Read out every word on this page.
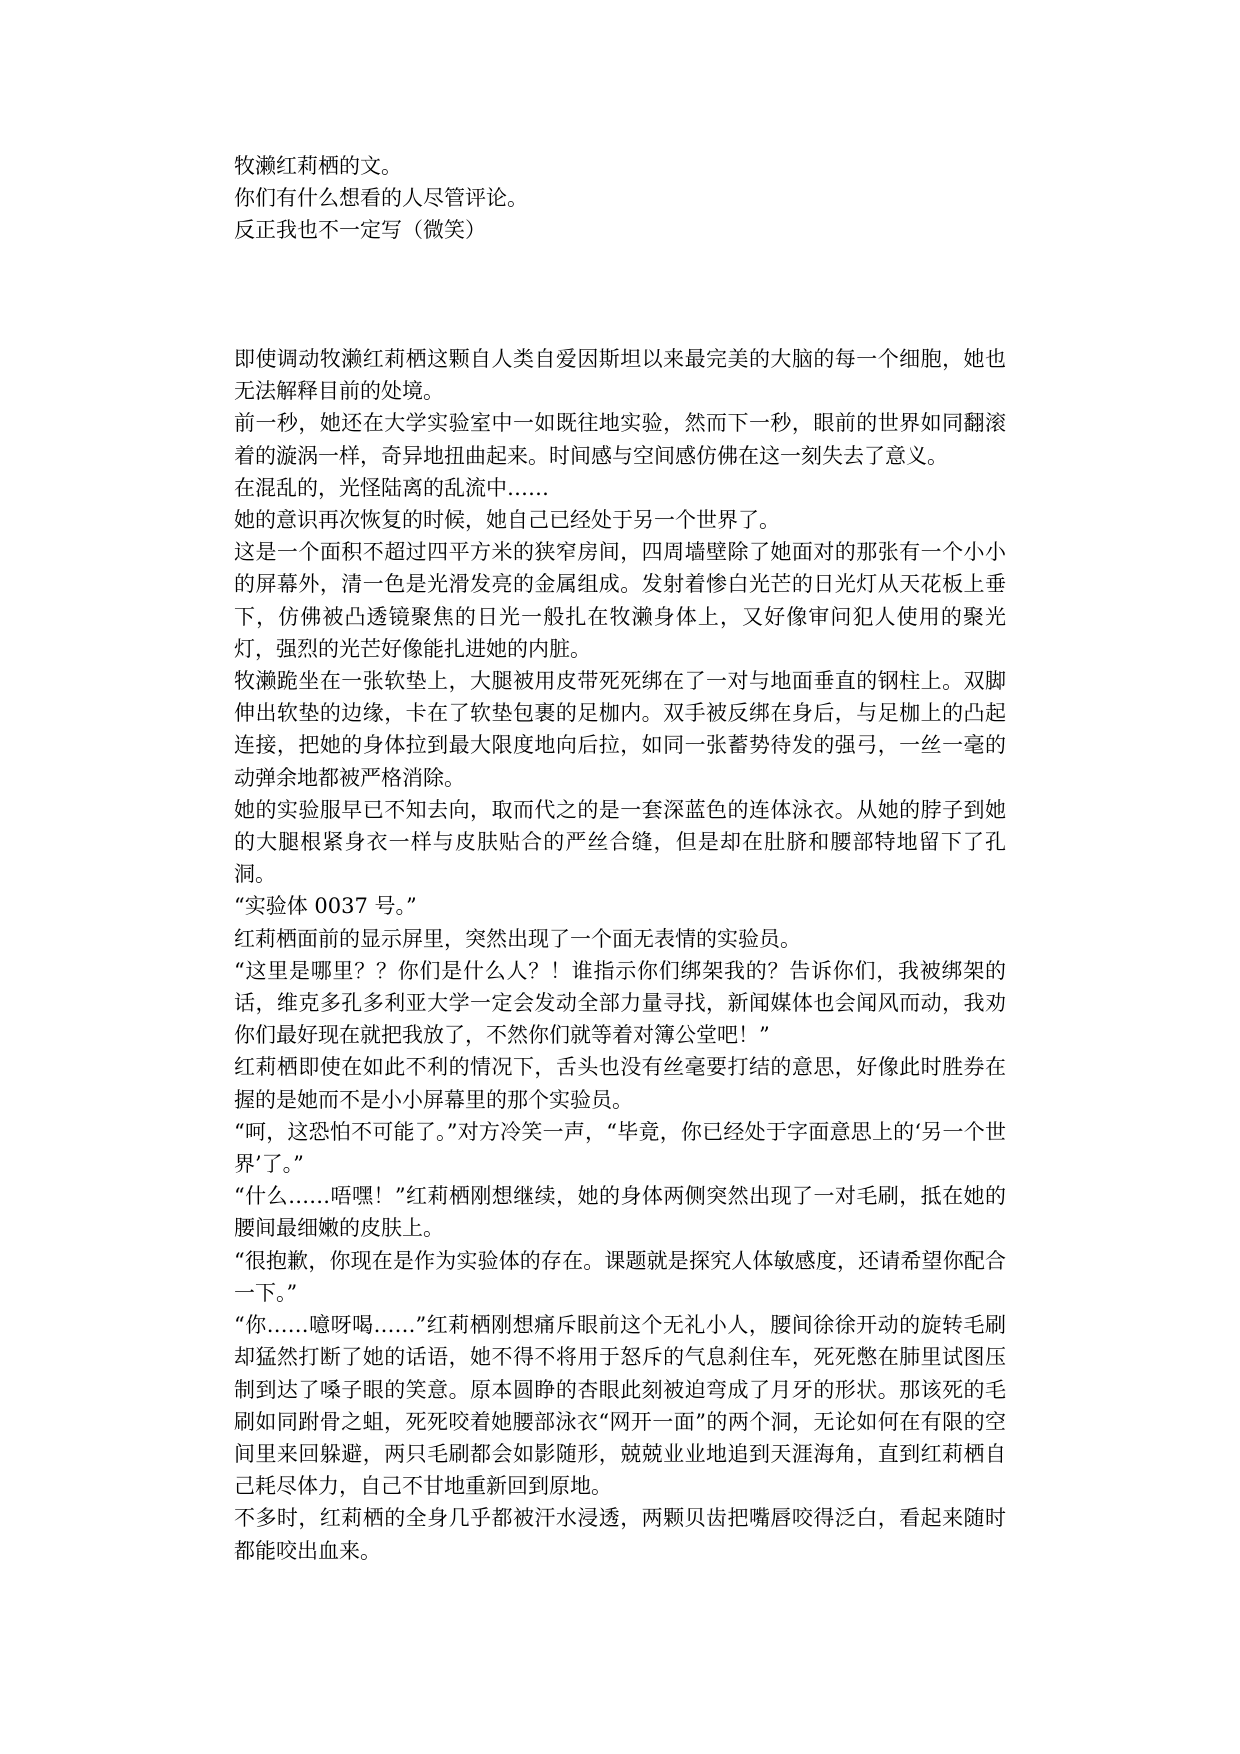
牧濑红莉栖的文。

你们有什么想看的人尽管评论。

反正我也不一定写（微笑）

即使调动牧濑红莉栖这颗自人类自爱因斯坦以来最完美的大脑的每一个细胞，她也无法解释目前的处境。

前一秒，她还在大学实验室中一如既往地实验，然而下一秒，眼前的世界如同翻滚着的漩涡一样，奇异地扭曲起来。时间感与空间感仿佛在这一刻失去了意义。

在混乱的，光怪陆离的乱流中……

她的意识再次恢复的时候，她自己已经处于另一个世界了。

这是一个面积不超过四平方米的狭窄房间，四周墙壁除了她面对的那张有一个小小的屏幕外，清一色是光滑发亮的金属组成。发射着惨白光芒的日光灯从天花板上垂下，仿佛被凸透镜聚焦的日光一般扎在牧濑身体上，又好像审问犯人使用的聚光灯，强烈的光芒好像能扎进她的内脏。

牧濑跪坐在一张软垫上，大腿被用皮带死死绑在了一对与地面垂直的钢柱上。双脚伸出软垫的边缘，卡在了软垫包裹的足枷内。双手被反绑在身后，与足枷上的凸起连接，把她的身体拉到最大限度地向后拉，如同一张蓄势待发的强弓，一丝一毫的动弹余地都被严格消除。

她的实验服早已不知去向，取而代之的是一套深蓝色的连体泳衣。从她的脖子到她的大腿根紧身衣一样与皮肤贴合的严丝合缝，但是却在肚脐和腰部特地留下了孔洞。

“实验体 0037 号。”

红莉栖面前的显示屏里，突然出现了一个面无表情的实验员。

“这里是哪里？？你们是什么人？！谁指示你们绑架我的？告诉你们，我被绑架的话，维克多孔多利亚大学一定会发动全部力量寻找，新闻媒体也会闻风而动，我劝你们最好现在就把我放了，不然你们就等着对簿公堂吧！”

红莉栖即使在如此不利的情况下，舌头也没有丝毫要打结的意思，好像此时胜券在握的是她而不是小小屏幕里的那个实验员。

“呵，这恐怕不可能了。”对方冷笑一声，“毕竟，你已经处于字面意思上的‘另一个世界’了。”

“什么……唔嘿！”红莉栖刚想继续，她的身体两侧突然出现了一对毛刷，抵在她的腰间最细嫩的皮肤上。

“很抱歉，你现在是作为实验体的存在。课题就是探究人体敏感度，还请希望你配合一下。”

“你……噫呀喝……”红莉栖刚想痛斥眼前这个无礼小人，腰间徐徐开动的旋转毛刷却猛然打断了她的话语，她不得不将用于怒斥的气息刹住车，死死憋在肺里试图压制到达了嗓子眼的笑意。原本圆睁的杏眼此刻被迫弯成了月牙的形状。那该死的毛刷如同跗骨之蛆，死死咬着她腰部泳衣“网开一面”的两个洞，无论如何在有限的空间里来回躲避，两只毛刷都会如影随形，兢兢业业地追到天涯海角，直到红莉栖自己耗尽体力，自己不甘地重新回到原地。

不多时，红莉栖的全身几乎都被汗水浸透，两颗贝齿把嘴唇咬得泛白，看起来随时都能咬出血来。
